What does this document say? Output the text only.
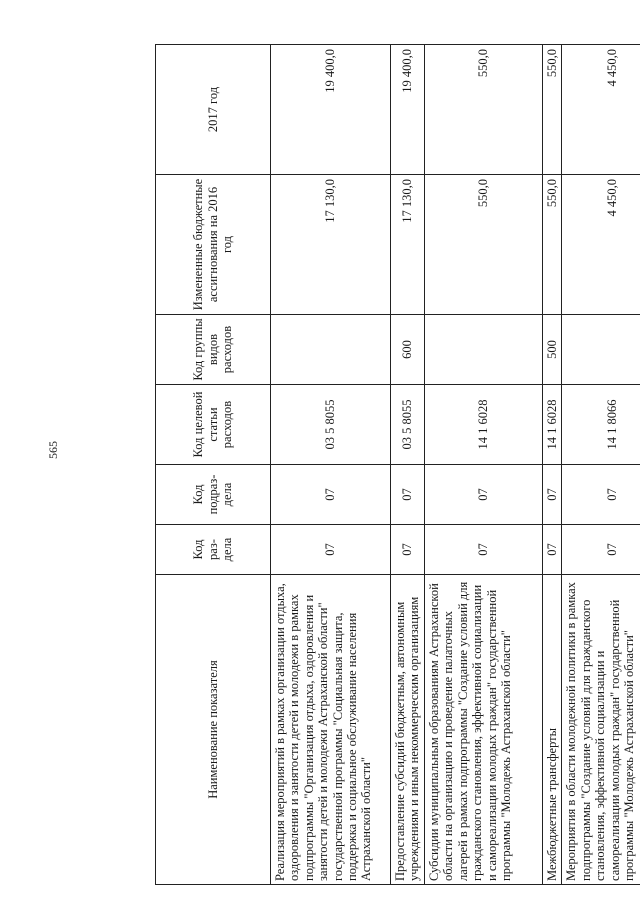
565
Наименование показателя	Код раз-дела	Код подраз-дела	Код целевой статьи расходов	Код группы видов расходов	Измененные бюджетные ассигнования на 2016 год	2017 год
Реализация мероприятий в рамках организации отдыха, оздоровления и занятости детей и молодежи в рамках подпрограммы "Организация отдыха, оздоровления и занятости детей и молодежи Астраханской области" государственной программы "Социальная защита, поддержка и социальное обслуживание населения Астраханской области"	07	07	03 5 8055		17 130,0	19 400,0
Предоставление субсидий бюджетным, автономным учреждениям и иным некоммерческим организациям	07	07	03 5 8055	600	17 130,0	19 400,0
Субсидии муниципальным образованиям Астраханской области на организацию и проведение палаточных лагерей в рамках подпрограммы "Создание условий для гражданского становления, эффективной социализации и самореализации молодых граждан" государственной программы "Молодежь Астраханской области"	07	07	14 1 6028		550,0	550,0
Межбюджетные трансферты	07	07	14 1 6028	500	550,0	550,0
Мероприятия в области молодежной политики в рамках подпрограммы "Создание условий для гражданского становления, эффективной социализации и самореализации молодых граждан" государственной программы "Молодежь Астраханской области"	07	07	14 1 8066		4 450,0	4 450,0
